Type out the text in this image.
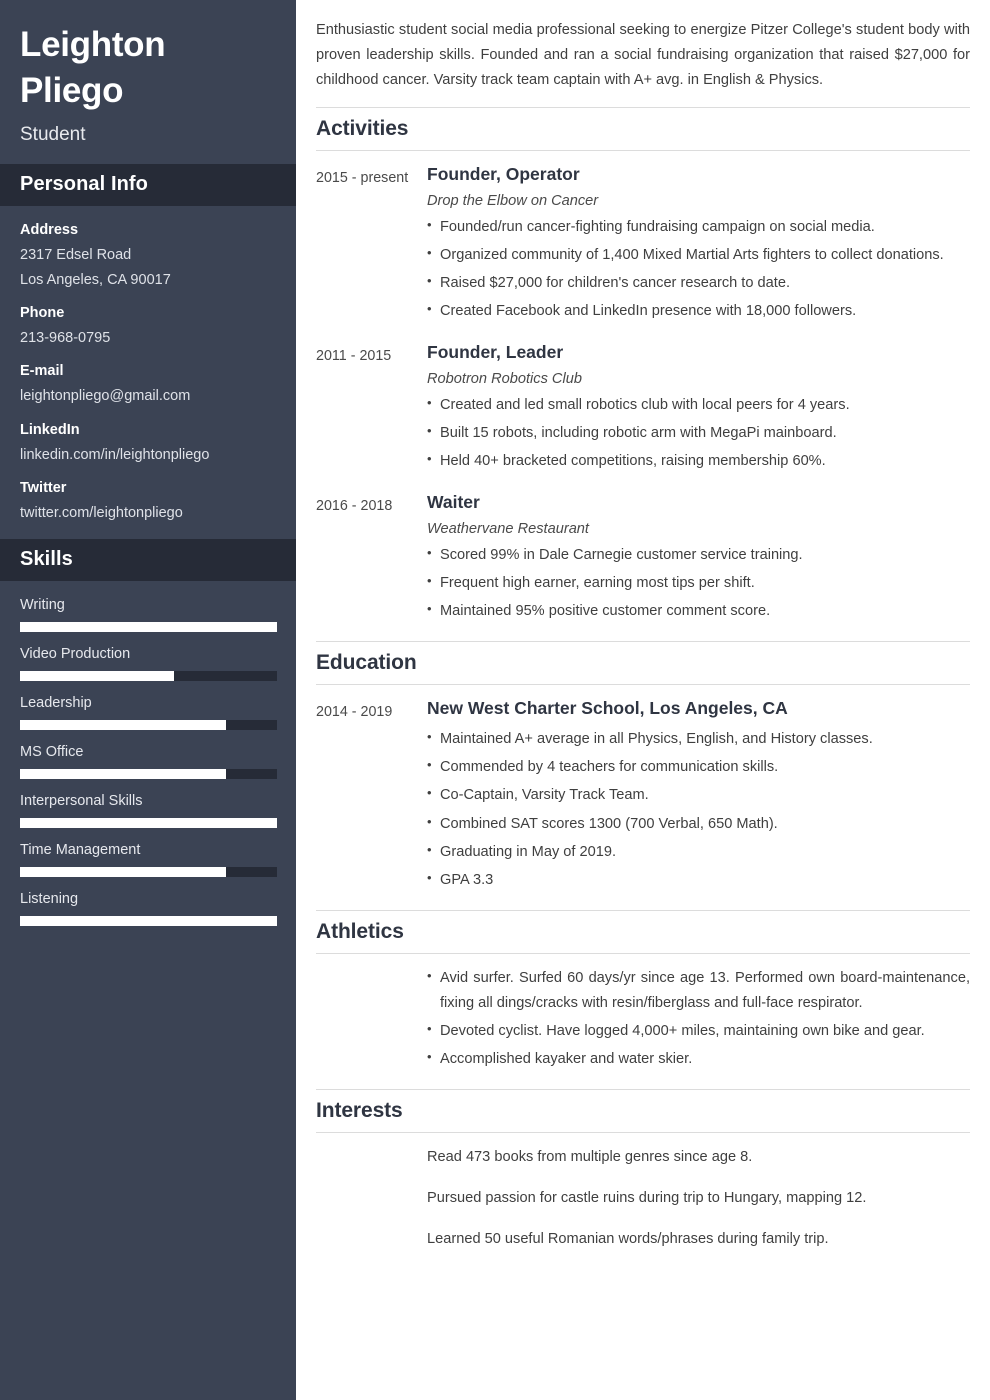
Leighton Pliego
Student
Personal Info
Address
2317 Edsel Road
Los Angeles, CA 90017
Phone
213-968-0795
E-mail
leightonpliego@gmail.com
LinkedIn
linkedin.com/in/leightonpliego
Twitter
twitter.com/leightonpliego
Skills
Writing
Video Production
Leadership
MS Office
Interpersonal Skills
Time Management
Listening

Enthusiastic student social media professional seeking to energize Pitzer College's student body with proven leadership skills. Founded and ran a social fundraising organization that raised $27,000 for childhood cancer. Varsity track team captain with A+ avg. in English & Physics.

Activities
2015 - present	Founder, Operator
Drop the Elbow on Cancer
• Founded/run cancer-fighting fundraising campaign on social media.
• Organized community of 1,400 Mixed Martial Arts fighters to collect donations.
• Raised $27,000 for children's cancer research to date.
• Created Facebook and LinkedIn presence with 18,000 followers.
2011 - 2015	Founder, Leader
Robotron Robotics Club
• Created and led small robotics club with local peers for 4 years.
• Built 15 robots, including robotic arm with MegaPi mainboard.
• Held 40+ bracketed competitions, raising membership 60%.
2016 - 2018	Waiter
Weathervane Restaurant
• Scored 99% in Dale Carnegie customer service training.
• Frequent high earner, earning most tips per shift.
• Maintained 95% positive customer comment score.
Education
2014 - 2019	New West Charter School, Los Angeles, CA
• Maintained A+ average in all Physics, English, and History classes.
• Commended by 4 teachers for communication skills.
• Co-Captain, Varsity Track Team.
• Combined SAT scores 1300 (700 Verbal, 650 Math).
• Graduating in May of 2019.
• GPA 3.3
Athletics
• Avid surfer. Surfed 60 days/yr since age 13. Performed own board-maintenance, fixing all dings/cracks with resin/fiberglass and full-face respirator.
• Devoted cyclist. Have logged 4,000+ miles, maintaining own bike and gear.
• Accomplished kayaker and water skier.
Interests
Read 473 books from multiple genres since age 8.
Pursued passion for castle ruins during trip to Hungary, mapping 12.
Learned 50 useful Romanian words/phrases during family trip.
